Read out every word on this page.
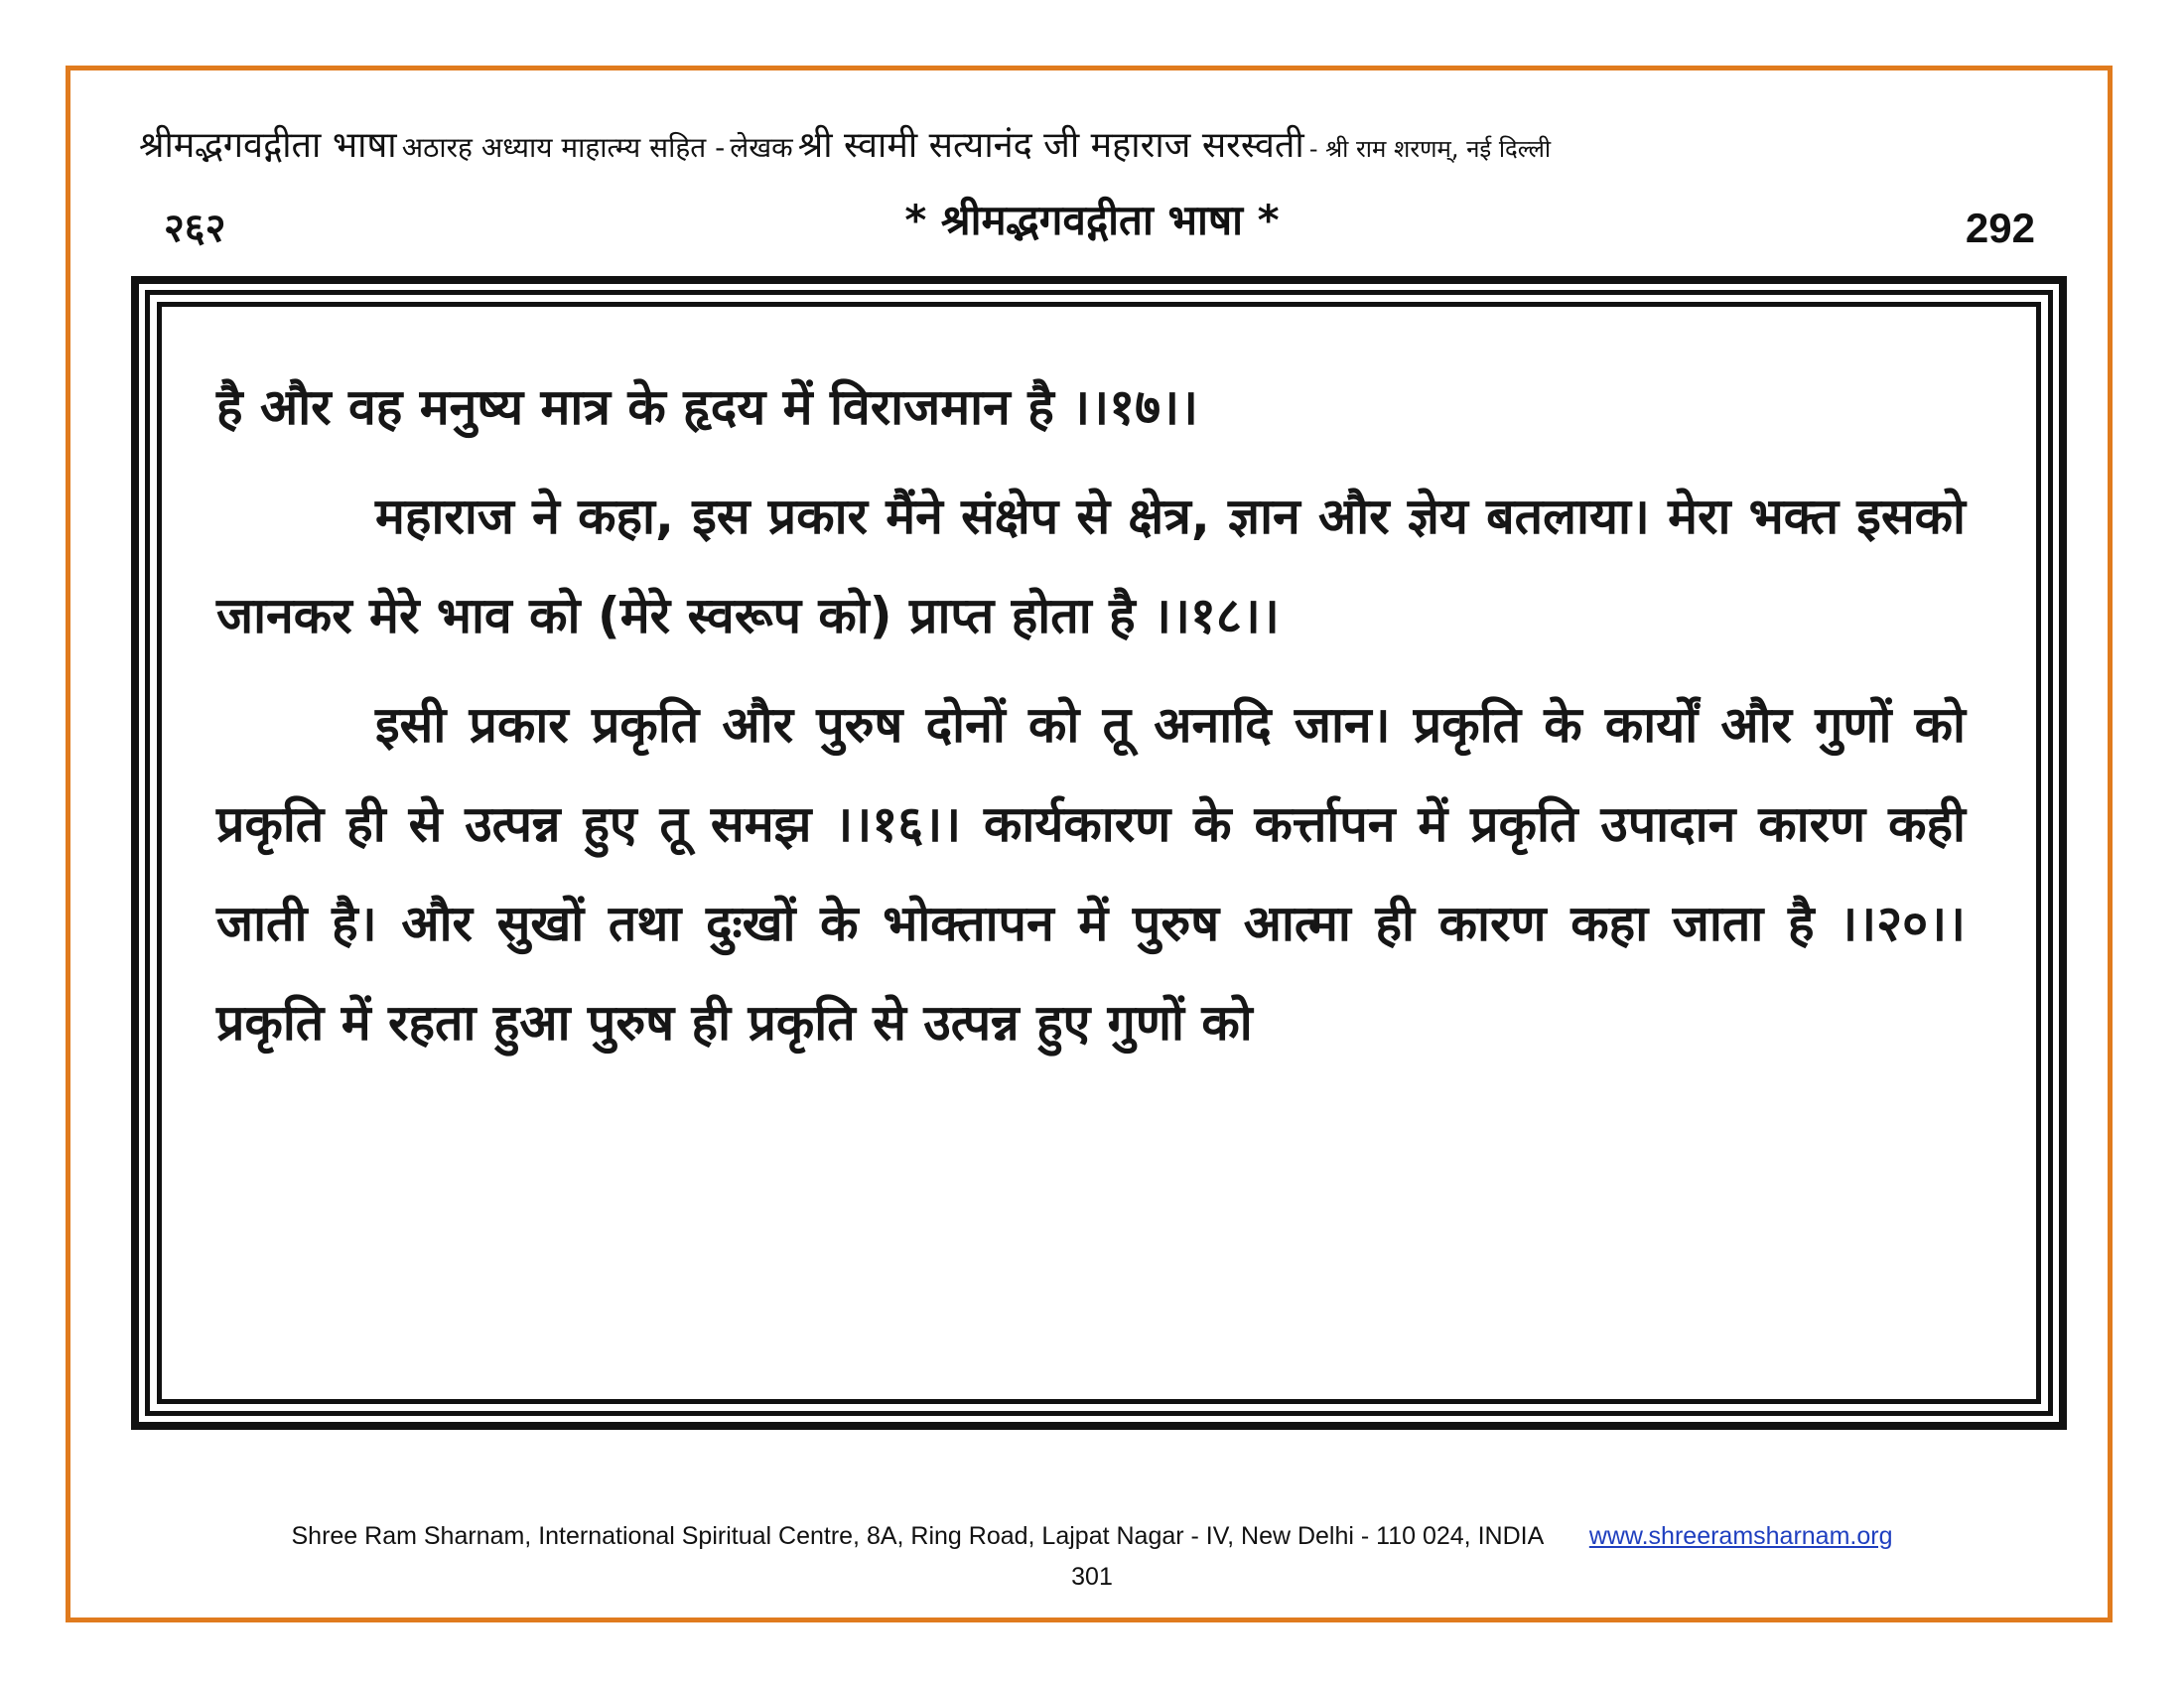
श्रीमद्भगवद्गीता भाषा अठारह अध्याय माहात्म्य सहित - लेखक श्री स्वामी सत्यानंद जी महाराज सरस्वती - श्री राम शरणम्, नई दिल्ली
२६२	* श्रीमद्भगवद्गीता भाषा *	292

है और वह मनुष्य मात्र के हृदय में विराजमान है ।।१७।।

महाराज ने कहा, इस प्रकार मैंने संक्षेप से क्षेत्र, ज्ञान और ज्ञेय बतलाया। मेरा भक्त इसको जानकर मेरे भाव को (मेरे स्वरूप को) प्राप्त होता है ।।१८।।

इसी प्रकार प्रकृति और पुरुष दोनों को तू अनादि जान। प्रकृति के कार्यों और गुणों को प्रकृति ही से उत्पन्न हुए तू समझ ।।१६।। कार्यकारण के कर्त्तापन में प्रकृति उपादान कारण कही जाती है। और सुखों तथा दुःखों के भोक्तापन में पुरुष आत्मा ही कारण कहा जाता है ।।२०।। प्रकृति में रहता हुआ पुरुष ही प्रकृति से उत्पन्न हुए गुणों को

Shree Ram Sharnam, International Spiritual Centre, 8A, Ring Road, Lajpat Nagar - IV, New Delhi - 110 024, INDIA www.shreeramsharnam.org
301
